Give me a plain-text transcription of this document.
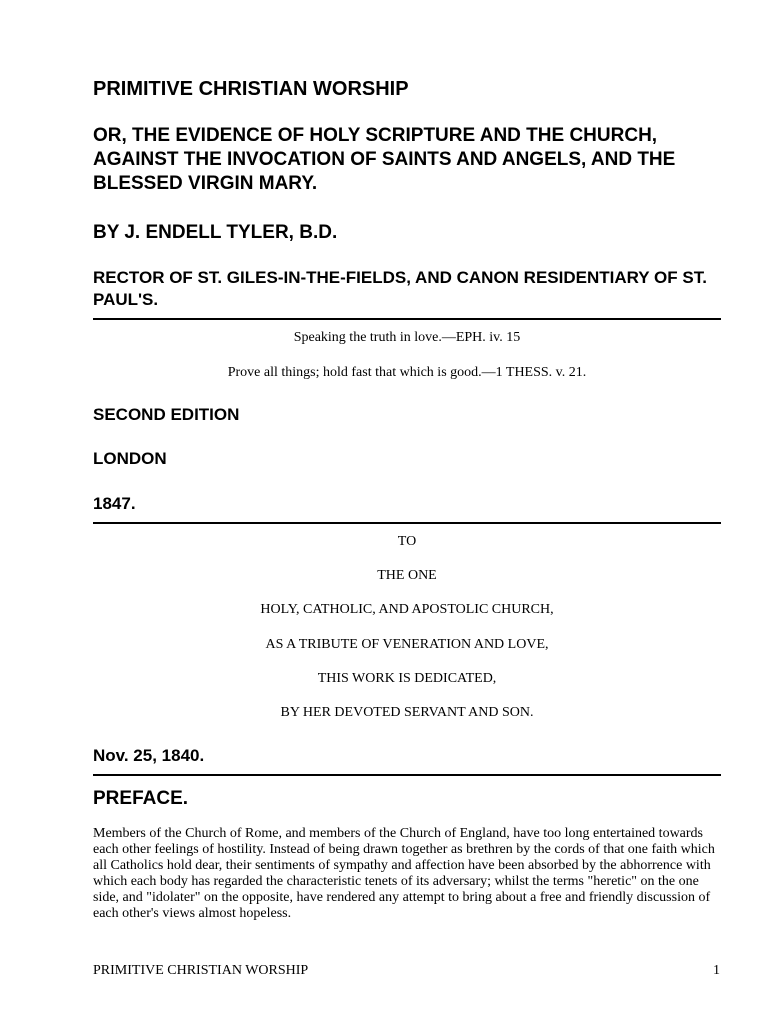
PRIMITIVE CHRISTIAN WORSHIP
OR, THE EVIDENCE OF HOLY SCRIPTURE AND THE CHURCH, AGAINST THE INVOCATION OF SAINTS AND ANGELS, AND THE BLESSED VIRGIN MARY.
BY J. ENDELL TYLER, B.D.
RECTOR OF ST. GILES-IN-THE-FIELDS, AND CANON RESIDENTIARY OF ST. PAUL'S.
Speaking the truth in love.—EPH. iv. 15
Prove all things; hold fast that which is good.—1 THESS. v. 21.
SECOND EDITION
LONDON
1847.
TO
THE ONE
HOLY, CATHOLIC, AND APOSTOLIC CHURCH,
AS A TRIBUTE OF VENERATION AND LOVE,
THIS WORK IS DEDICATED,
BY HER DEVOTED SERVANT AND SON.
Nov. 25, 1840.
PREFACE.

Members of the Church of Rome, and members of the Church of England, have too long entertained towards each other feelings of hostility. Instead of being drawn together as brethren by the cords of that one faith which all Catholics hold dear, their sentiments of sympathy and affection have been absorbed by the abhorrence with which each body has regarded the characteristic tenets of its adversary; whilst the terms "heretic" on the one side, and "idolater" on the opposite, have rendered any attempt to bring about a free and friendly discussion of each other's views almost hopeless.

PRIMITIVE CHRISTIAN WORSHIP	1
